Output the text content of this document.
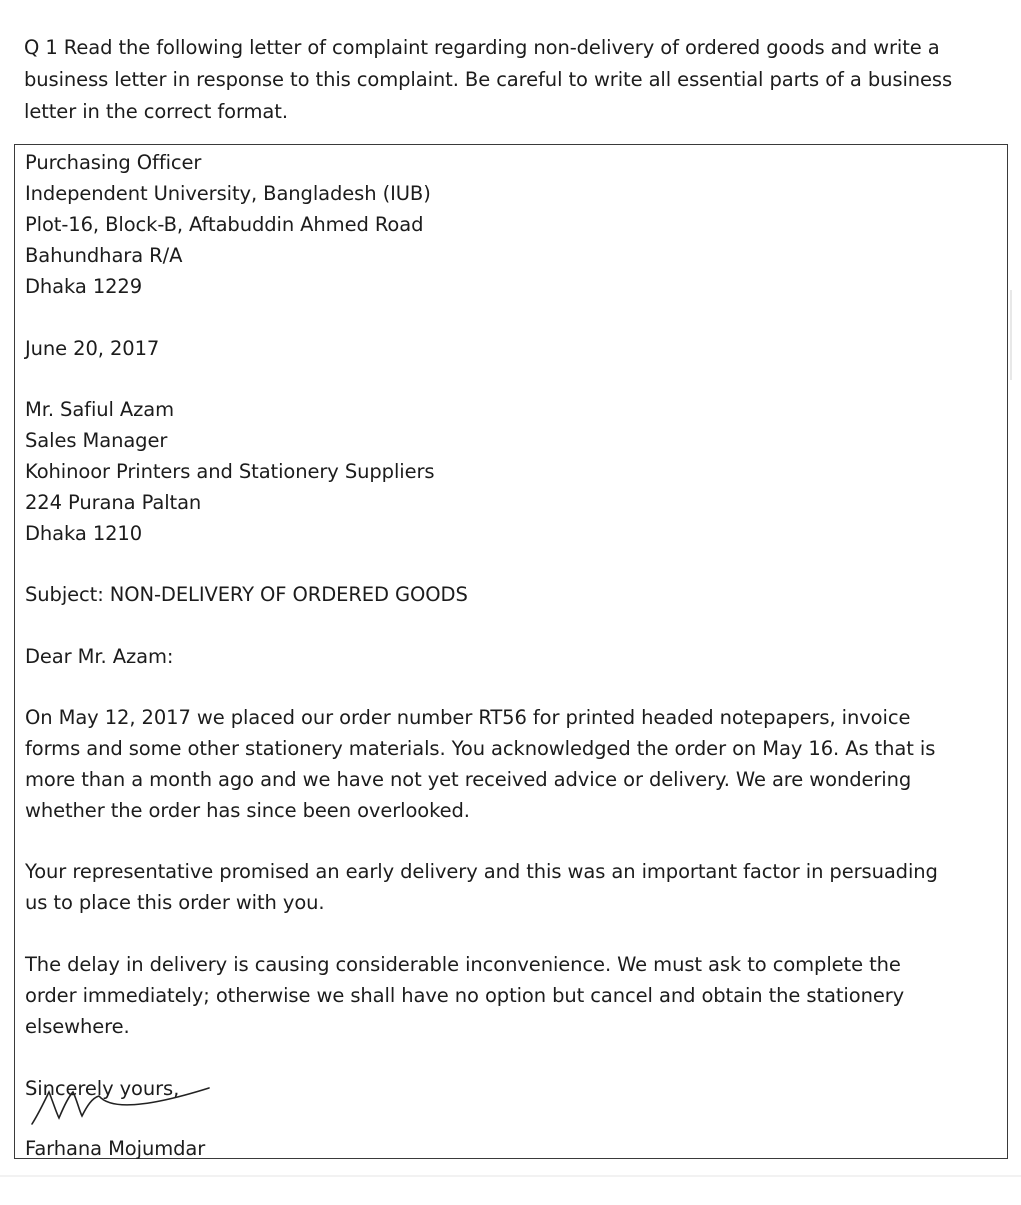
Q 1 Read the following letter of complaint regarding non-delivery of ordered goods and write a
business letter in response to this complaint. Be careful to write all essential parts of a business
letter in the correct format.
Purchasing Officer
Independent University, Bangladesh (IUB)
Plot-16, Block-B, Aftabuddin Ahmed Road
Bahundhara R/A
Dhaka 1229
June 20, 2017
Mr. Safiul Azam
Sales Manager
Kohinoor Printers and Stationery Suppliers
224 Purana Paltan
Dhaka 1210
Subject: NON-DELIVERY OF ORDERED GOODS
Dear Mr. Azam:
On May 12, 2017 we placed our order number RT56 for printed headed notepapers, invoice
forms and some other stationery materials. You acknowledged the order on May 16. As that is
more than a month ago and we have not yet received advice or delivery. We are wondering
whether the order has since been overlooked.
Your representative promised an early delivery and this was an important factor in persuading
us to place this order with you.
The delay in delivery is causing considerable inconvenience. We must ask to complete the
order immediately; otherwise we shall have no option but cancel and obtain the stationery
elsewhere.
Sincerely yours,
Farhana Mojumdar
